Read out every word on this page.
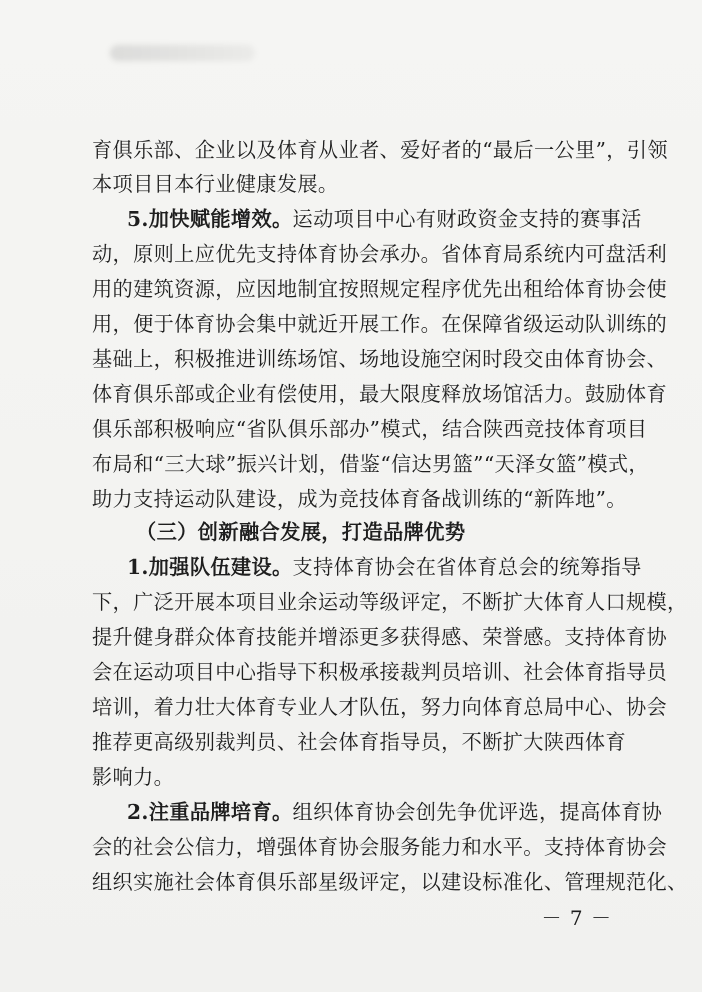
育俱乐部、企业以及体育从业者、爱好者的“最后一公里”，引领
本项目目本行业健康发展。
5.加快赋能增效。运动项目中心有财政资金支持的赛事活
动，原则上应优先支持体育协会承办。省体育局系统内可盘活利
用的建筑资源，应因地制宜按照规定程序优先出租给体育协会使
用，便于体育协会集中就近开展工作。在保障省级运动队训练的
基础上，积极推进训练场馆、场地设施空闲时段交由体育协会、
体育俱乐部或企业有偿使用，最大限度释放场馆活力。鼓励体育
俱乐部积极响应“省队俱乐部办”模式，结合陕西竞技体育项目
布局和“三大球”振兴计划，借鉴“信达男篮”“天泽女篮”模式，
助力支持运动队建设，成为竞技体育备战训练的“新阵地”。
（三）创新融合发展，打造品牌优势
1.加强队伍建设。支持体育协会在省体育总会的统筹指导
下，广泛开展本项目业余运动等级评定，不断扩大体育人口规模，
提升健身群众体育技能并增添更多获得感、荣誉感。支持体育协
会在运动项目中心指导下积极承接裁判员培训、社会体育指导员
培训，着力壮大体育专业人才队伍，努力向体育总局中心、协会
推荐更高级别裁判员、社会体育指导员，不断扩大陕西体育
影响力。
2.注重品牌培育。组织体育协会创先争优评选，提高体育协
会的社会公信力，增强体育协会服务能力和水平。支持体育协会
组织实施社会体育俱乐部星级评定，以建设标准化、管理规范化、
－ 7 －
